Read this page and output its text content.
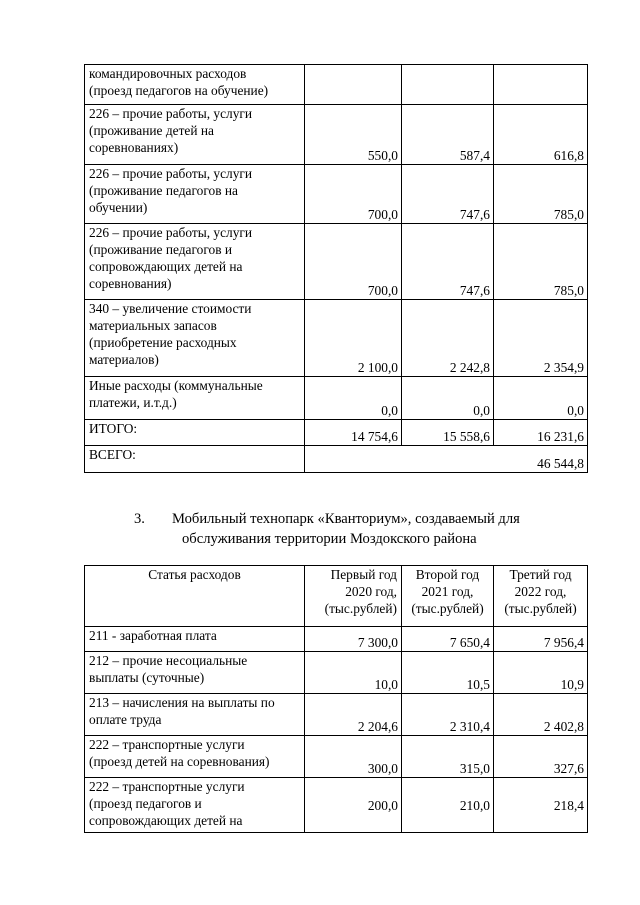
командировочных расходов
(проезд педагогов на обучение)			
226 – прочие работы, услуги
(проживание детей на
соревнованиях)	550,0	587,4	616,8
226 – прочие работы, услуги
(проживание педагогов на
обучении)	700,0	747,6	785,0
226 – прочие работы, услуги
(проживание педагогов и
сопровождающих детей на
соревнования)	700,0	747,6	785,0
340 – увеличение стоимости
материальных запасов
(приобретение расходных
материалов)	2 100,0	2 242,8	2 354,9
Иные расходы (коммунальные
платежи, и.т.д.)	0,0	0,0	0,0
ИТОГО:	14 754,6	15 558,6	16 231,6
ВСЕГО:	46 544,8		
3. Мобильный технопарк «Кванториум», создаваемый для
обслуживания территории Моздокского района
Статья расходов	Первый год
2020 год,
(тыс.рублей)	Второй год
2021 год,
(тыс.рублей)	Третий год
2022 год,
(тыс.рублей)
211 - заработная плата	7 300,0	7 650,4	7 956,4
212 – прочие несоциальные
выплаты (суточные)	10,0	10,5	10,9
213 – начисления на выплаты по
оплате труда	2 204,6	2 310,4	2 402,8
222 – транспортные услуги
(проезд детей на соревнования)	300,0	315,0	327,6
222 – транспортные услуги
(проезд педагогов и
сопровождающих детей на	200,0	210,0	218,4
